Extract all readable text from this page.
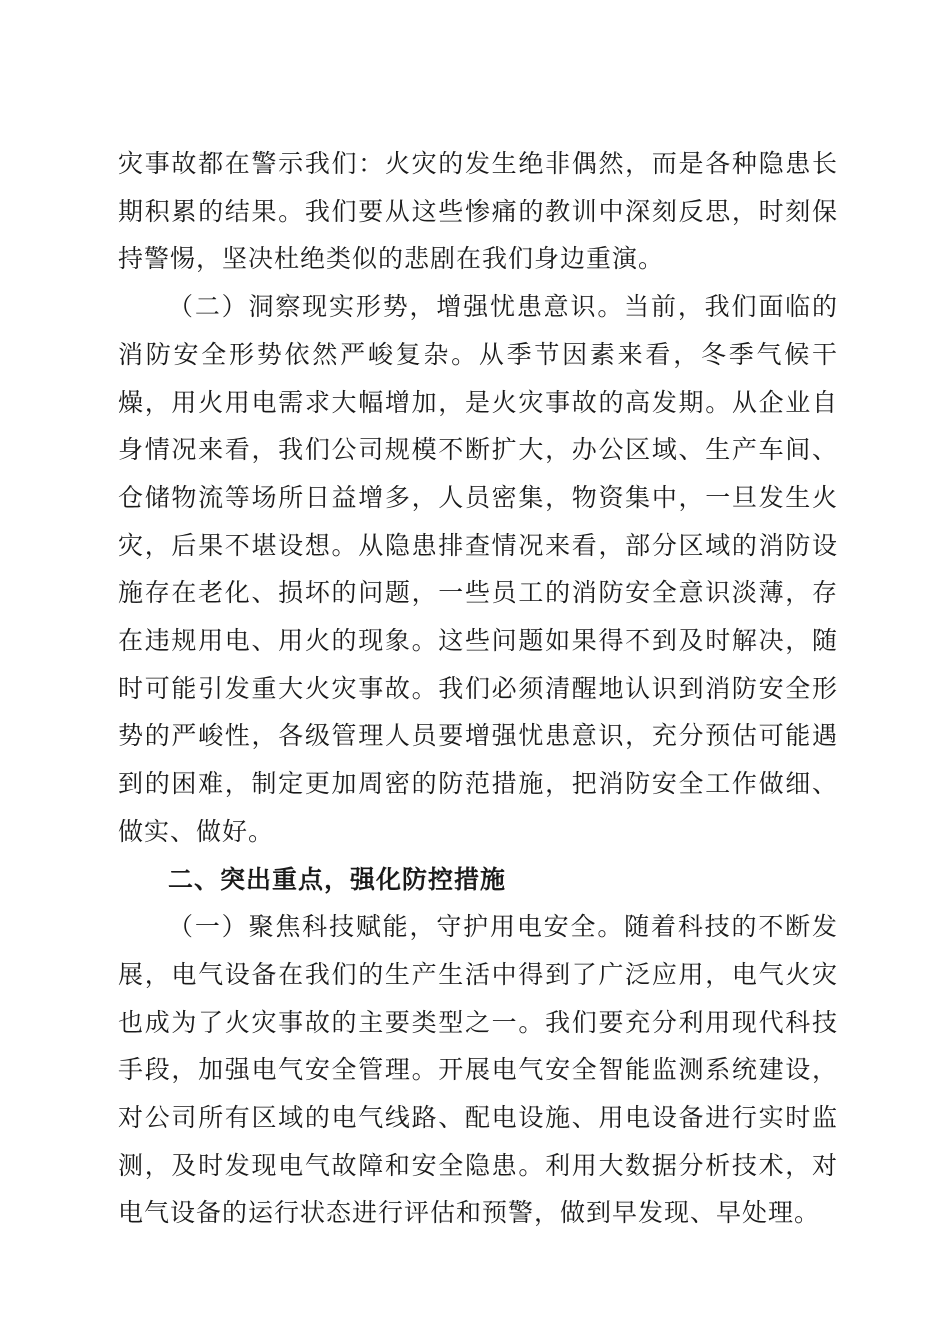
灾事故都在警示我们：火灾的发生绝非偶然，而是各种隐患长期积累的结果。我们要从这些惨痛的教训中深刻反思，时刻保持警惕，坚决杜绝类似的悲剧在我们身边重演。

（二）洞察现实形势，增强忧患意识。当前，我们面临的消防安全形势依然严峻复杂。从季节因素来看，冬季气候干燥，用火用电需求大幅增加，是火灾事故的高发期。从企业自身情况来看，我们公司规模不断扩大，办公区域、生产车间、仓储物流等场所日益增多，人员密集，物资集中，一旦发生火灾，后果不堪设想。从隐患排查情况来看，部分区域的消防设施存在老化、损坏的问题，一些员工的消防安全意识淡薄，存在违规用电、用火的现象。这些问题如果得不到及时解决，随时可能引发重大火灾事故。我们必须清醒地认识到消防安全形势的严峻性，各级管理人员要增强忧患意识，充分预估可能遇到的困难，制定更加周密的防范措施，把消防安全工作做细、做实、做好。

二、突出重点，强化防控措施

（一）聚焦科技赋能，守护用电安全。随着科技的不断发展，电气设备在我们的生产生活中得到了广泛应用，电气火灾也成为了火灾事故的主要类型之一。我们要充分利用现代科技手段，加强电气安全管理。开展电气安全智能监测系统建设，对公司所有区域的电气线路、配电设施、用电设备进行实时监测，及时发现电气故障和安全隐患。利用大数据分析技术，对电气设备的运行状态进行评估和预警，做到早发现、早处理。
